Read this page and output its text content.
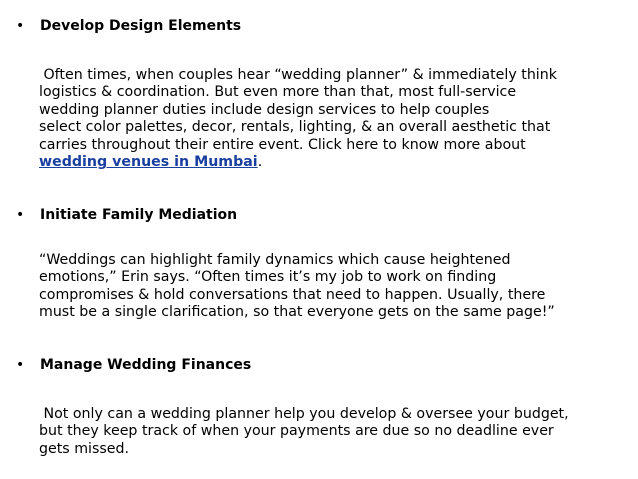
•	Develop Design Elements
Often times, when couples hear “wedding planner” & immediately think
logistics & coordination. But even more than that, most full-service
wedding planner duties include design services to help couples
select color palettes, decor, rentals, lighting, & an overall aesthetic that
carries throughout their entire event. Click here to know more about
wedding venues in Mumbai.
•	Initiate Family Mediation
“Weddings can highlight family dynamics which cause heightened
emotions,” Erin says. “Often times it’s my job to work on finding
compromises & hold conversations that need to happen. Usually, there
must be a single clarification, so that everyone gets on the same page!”
•	Manage Wedding Finances
Not only can a wedding planner help you develop & oversee your budget,
but they keep track of when your payments are due so no deadline ever
gets missed.
